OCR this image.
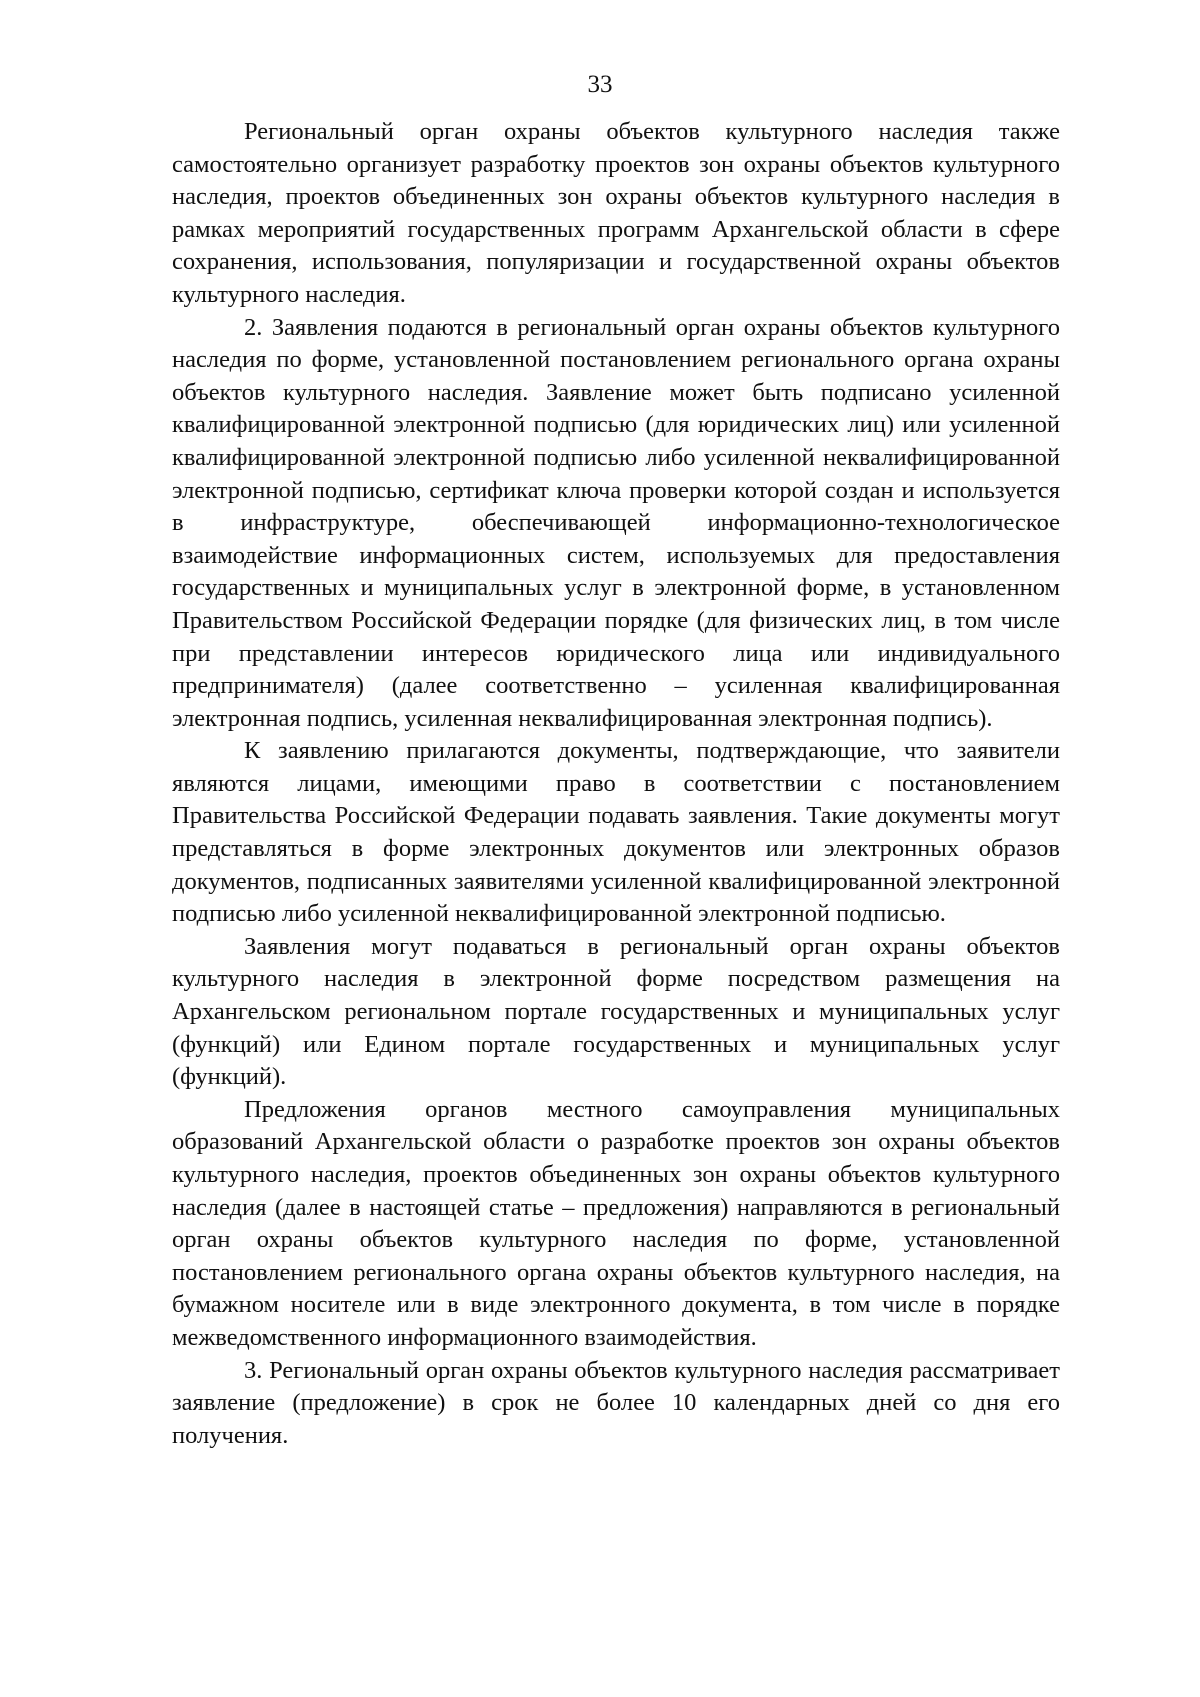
33

Региональный орган охраны объектов культурного наследия также самостоятельно организует разработку проектов зон охраны объектов культурного наследия, проектов объединенных зон охраны объектов культурного наследия в рамках мероприятий государственных программ Архангельской области в сфере сохранения, использования, популяризации и государственной охраны объектов культурного наследия.

2. Заявления подаются в региональный орган охраны объектов культурного наследия по форме, установленной постановлением регионального органа охраны объектов культурного наследия. Заявление может быть подписано усиленной квалифицированной электронной подписью (для юридических лиц) или усиленной квалифицированной электронной подписью либо усиленной неквалифицированной электронной подписью, сертификат ключа проверки которой создан и используется в инфраструктуре, обеспечивающей информационно-технологическое взаимодействие информационных систем, используемых для предоставления государственных и муниципальных услуг в электронной форме, в установленном Правительством Российской Федерации порядке (для физических лиц, в том числе при представлении интересов юридического лица или индивидуального предпринимателя) (далее соответственно – усиленная квалифицированная электронная подпись, усиленная неквалифицированная электронная подпись).

К заявлению прилагаются документы, подтверждающие, что заявители являются лицами, имеющими право в соответствии с постановлением Правительства Российской Федерации подавать заявления. Такие документы могут представляться в форме электронных документов или электронных образов документов, подписанных заявителями усиленной квалифицированной электронной подписью либо усиленной неквалифицированной электронной подписью.

Заявления могут подаваться в региональный орган охраны объектов культурного наследия в электронной форме посредством размещения на Архангельском региональном портале государственных и муниципальных услуг (функций) или Едином портале государственных и муниципальных услуг (функций).

Предложения органов местного самоуправления муниципальных образований Архангельской области о разработке проектов зон охраны объектов культурного наследия, проектов объединенных зон охраны объектов культурного наследия (далее в настоящей статье – предложения) направляются в региональный орган охраны объектов культурного наследия по форме, установленной постановлением регионального органа охраны объектов культурного наследия, на бумажном носителе или в виде электронного документа, в том числе в порядке межведомственного информационного взаимодействия.

3. Региональный орган охраны объектов культурного наследия рассматривает заявление (предложение) в срок не более 10 календарных дней со дня его получения.
